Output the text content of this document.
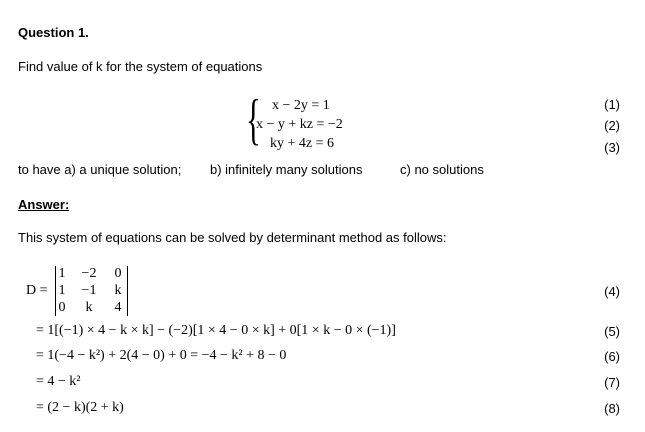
Question 1.
Find value of k for the system of equations
{ x − 2y = 1
x − y + kz = −2
ky + 4z = 6
(1)
(2)
(3)
to have a) a unique solution; b) infinitely many solutions	c) no solutions
Answer:
This system of equations can be solved by determinant method as follows:
D =
1	−2	0
1	−1	k
0	k	4
(4)
= 1[(−1) × 4 − k × k] − (−2)[1 × 4 − 0 × k] + 0[1 × k − 0 × (−1)]	(5)
= 1(−4 − k²) + 2(4 − 0) + 0 = −4 − k² + 8 − 0	(6)
= 4 − k²	(7)
= (2 − k)(2 + k)	(8)
